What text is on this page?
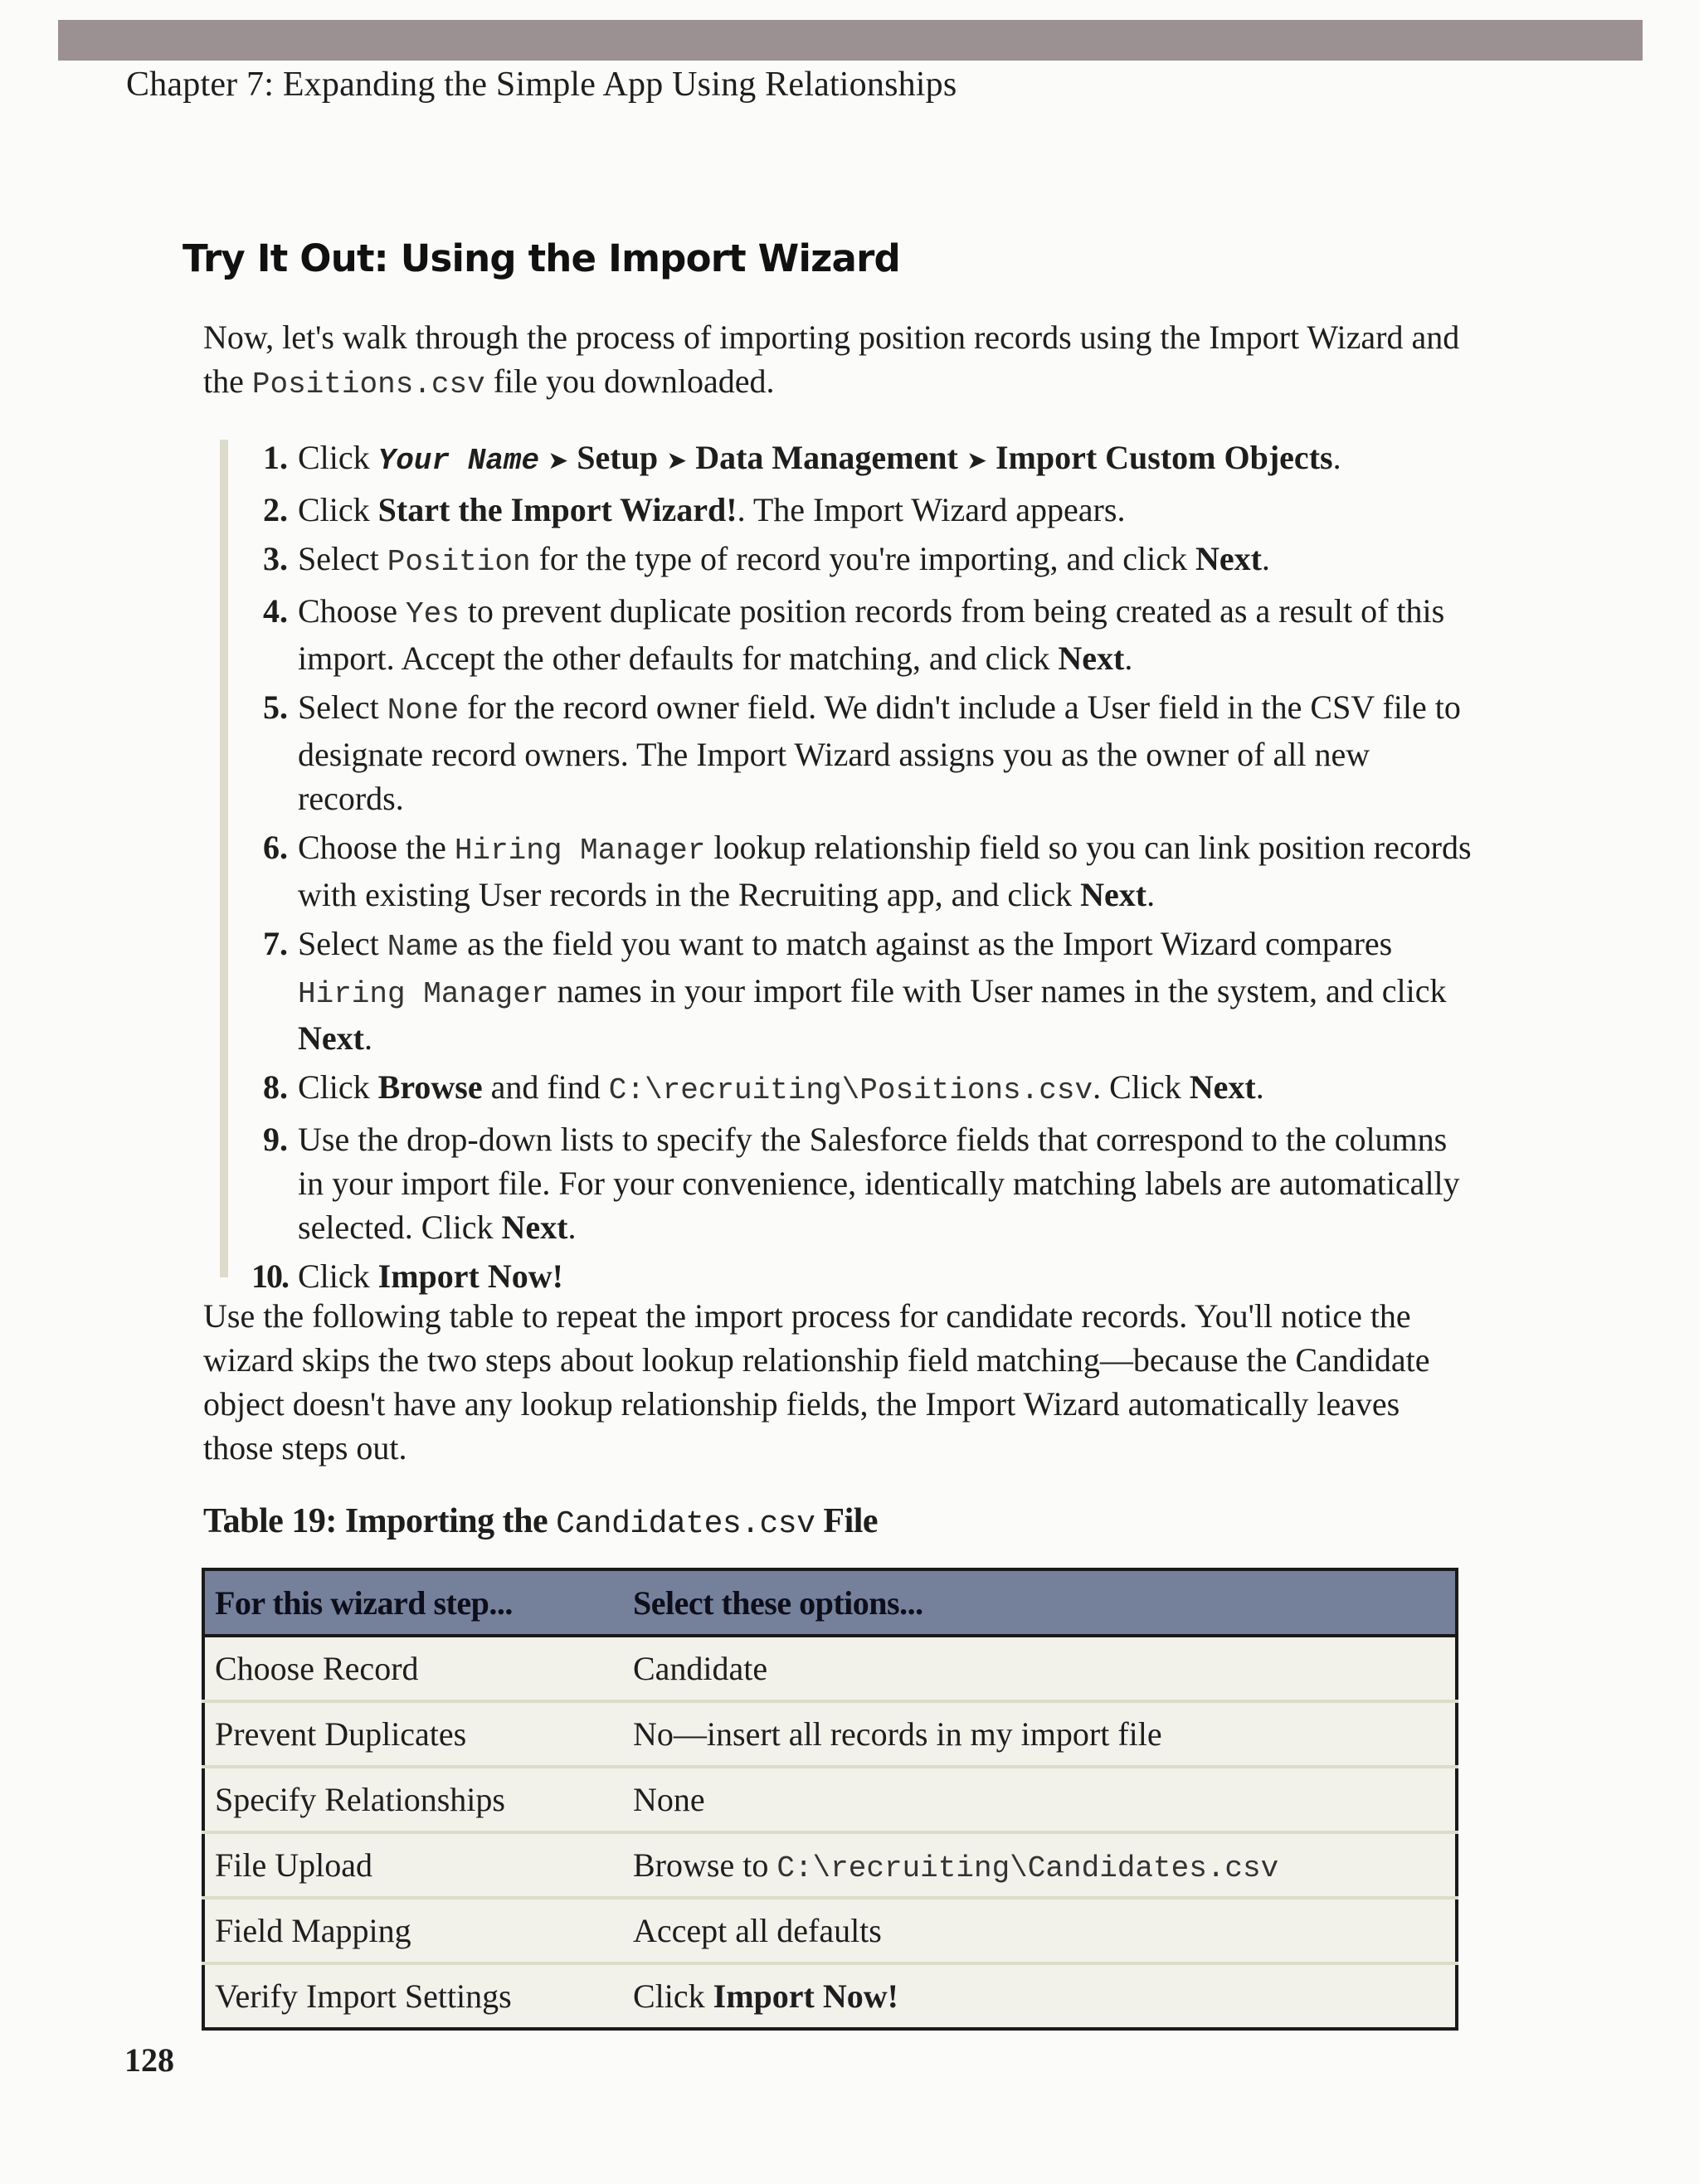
Chapter 7: Expanding the Simple App Using Relationships
Try It Out: Using the Import Wizard

Now, let's walk through the process of importing position records using the Import Wizard and the Positions.csv file you downloaded.

1. Click Your Name ➤ Setup ➤ Data Management ➤ Import Custom Objects.
2. Click Start the Import Wizard!. The Import Wizard appears.
3. Select Position for the type of record you're importing, and click Next.
4. Choose Yes to prevent duplicate position records from being created as a result of this import. Accept the other defaults for matching, and click Next.
5. Select None for the record owner field. We didn't include a User field in the CSV file to designate record owners. The Import Wizard assigns you as the owner of all new records.
6. Choose the Hiring Manager lookup relationship field so you can link position records with existing User records in the Recruiting app, and click Next.
7. Select Name as the field you want to match against as the Import Wizard compares Hiring Manager names in your import file with User names in the system, and click Next.
8. Click Browse and find C:\recruiting\Positions.csv. Click Next.
9. Use the drop-down lists to specify the Salesforce fields that correspond to the columns in your import file. For your convenience, identically matching labels are automatically selected. Click Next.
10. Click Import Now!

Use the following table to repeat the import process for candidate records. You'll notice the wizard skips the two steps about lookup relationship field matching—because the Candidate object doesn't have any lookup relationship fields, the Import Wizard automatically leaves those steps out.

Table 19: Importing the Candidates.csv File
For this wizard step...	Select these options...
Choose Record	Candidate
Prevent Duplicates	No—insert all records in my import file
Specify Relationships	None
File Upload	Browse to C:\recruiting\Candidates.csv
Field Mapping	Accept all defaults
Verify Import Settings	Click Import Now!
128
